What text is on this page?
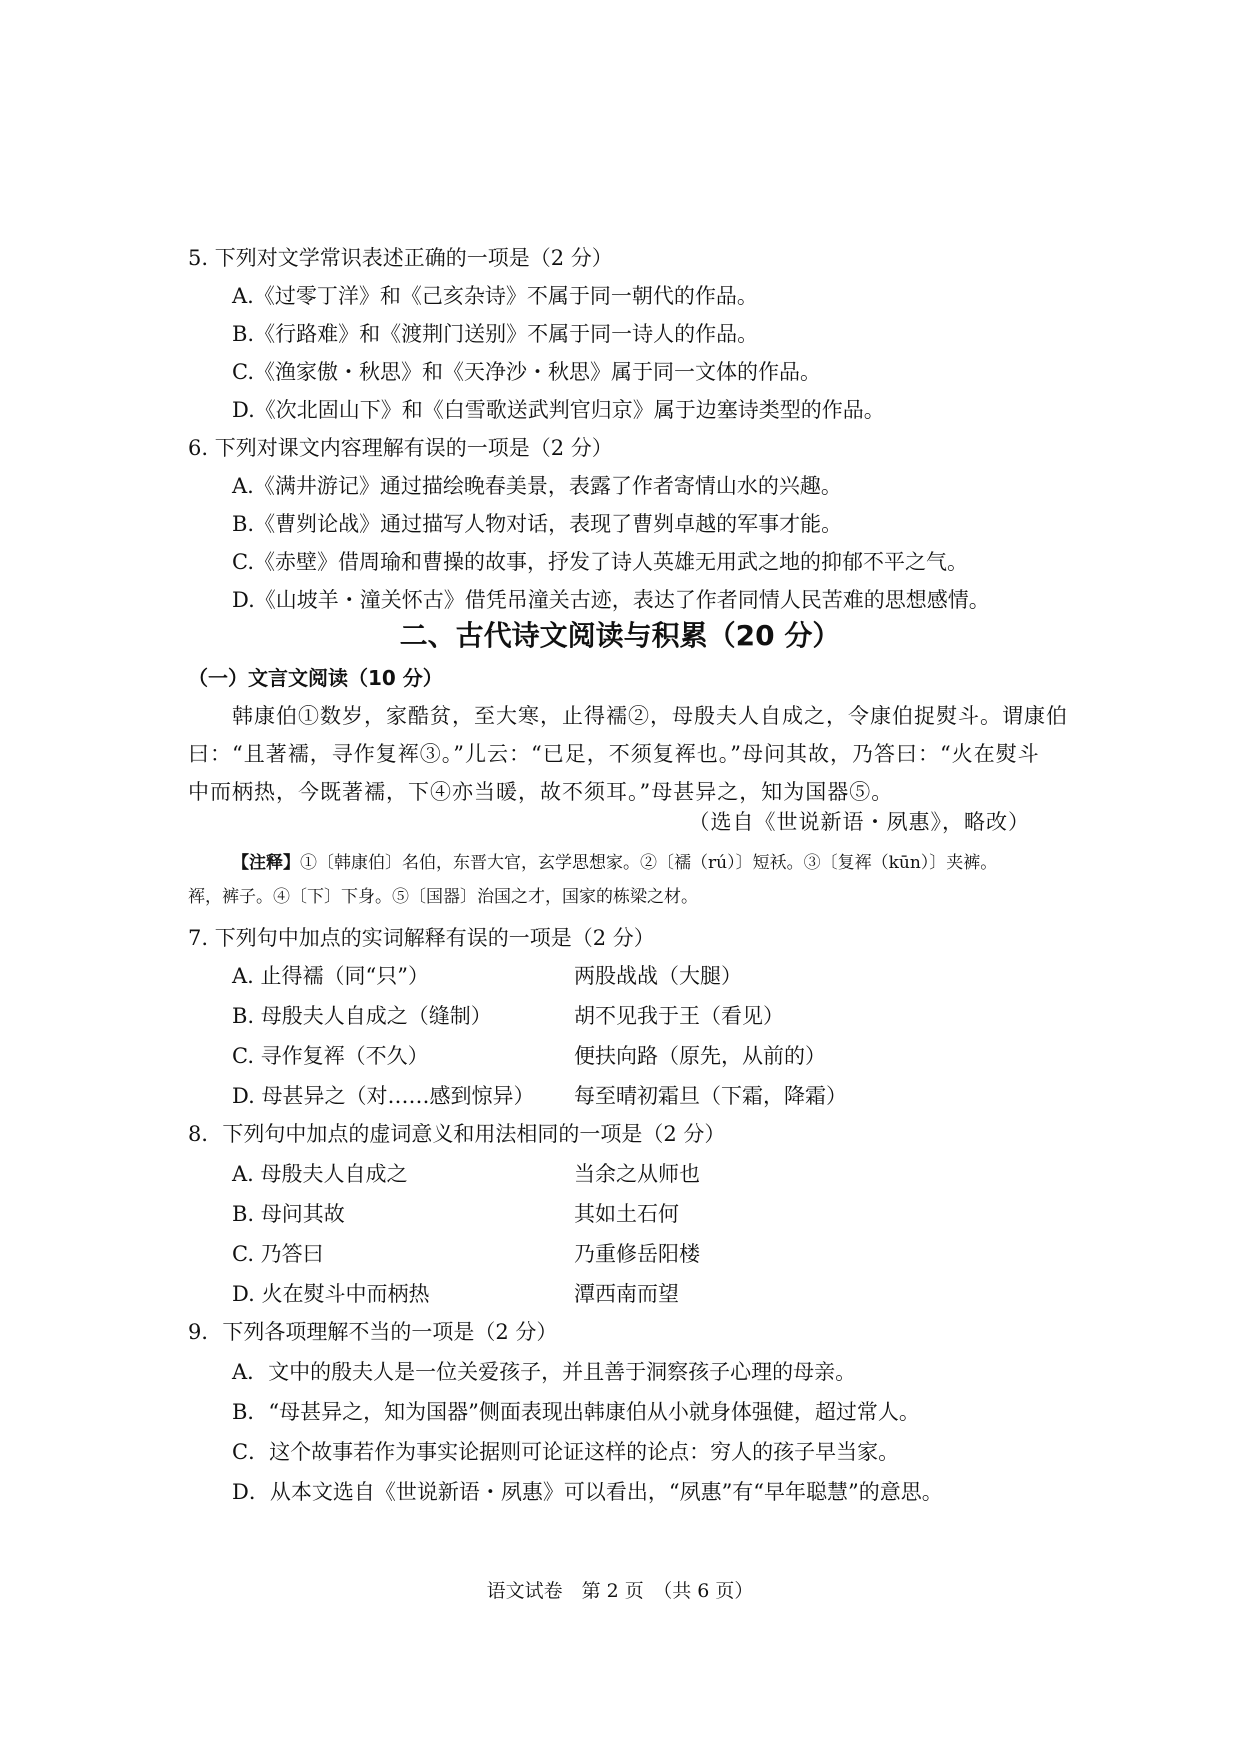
5. 下列对文学常识表述正确的一项是（2 分）
A.《过零丁洋》和《己亥杂诗》不属于同一朝代的作品。
B.《行路难》和《渡荆门送别》不属于同一诗人的作品。
C.《渔家傲・秋思》和《天净沙・秋思》属于同一文体的作品。
D.《次北固山下》和《白雪歌送武判官归京》属于边塞诗类型的作品。
6. 下列对课文内容理解有误的一项是（2 分）
A.《满井游记》通过描绘晚春美景，表露了作者寄情山水的兴趣。
B.《曹刿论战》通过描写人物对话，表现了曹刿卓越的军事才能。
C.《赤壁》借周瑜和曹操的故事，抒发了诗人英雄无用武之地的抑郁不平之气。
D.《山坡羊・潼关怀古》借凭吊潼关古迹，表达了作者同情人民苦难的思想感情。
二、古代诗文阅读与积累（20 分）
（一）文言文阅读（10 分）
韩康伯①数岁，家酷贫，至大寒，止得襦②，母殷夫人自成之，令康伯捉熨斗。谓康伯
曰：“且著襦，寻作复裈③。”儿云：“已足，不须复裈也。”母问其故，乃答曰：“火在熨斗
中而柄热，今既著襦，下④亦当暖，故不须耳。”母甚异之，知为国器⑤。
（选自《世说新语・夙惠》，略改）
【注释】①〔韩康伯〕名伯，东晋大官，玄学思想家。②〔襦（rú）〕短袄。③〔复裈（kūn）〕夹裤。
裈，裤子。④〔下〕下身。⑤〔国器〕治国之才，国家的栋梁之材。
7. 下列句中加点的实词解释有误的一项是（2 分）
A. 止得襦（同“只”）	两股战战（大腿）
B. 母殷夫人自成之（缝制）	胡不见我于王（看见）
C. 寻作复裈（不久）	便扶向路（原先，从前的）
D. 母甚异之（对……感到惊异） 每至晴初霜旦（下霜，降霜）
8．下列句中加点的虚词意义和用法相同的一项是（2 分）
A. 母殷夫人自成之	当余之从师也
B. 母问其故	其如土石何
C. 乃答曰	乃重修岳阳楼
D. 火在熨斗中而柄热	潭西南而望
9．下列各项理解不当的一项是（2 分）
A．文中的殷夫人是一位关爱孩子，并且善于洞察孩子心理的母亲。
B．“母甚异之，知为国器”侧面表现出韩康伯从小就身体强健，超过常人。
C．这个故事若作为事实论据则可论证这样的论点：穷人的孩子早当家。
D．从本文选自《世说新语・夙惠》可以看出，“夙惠”有“早年聪慧”的意思。
语文试卷　第 2 页　（共 6 页）
